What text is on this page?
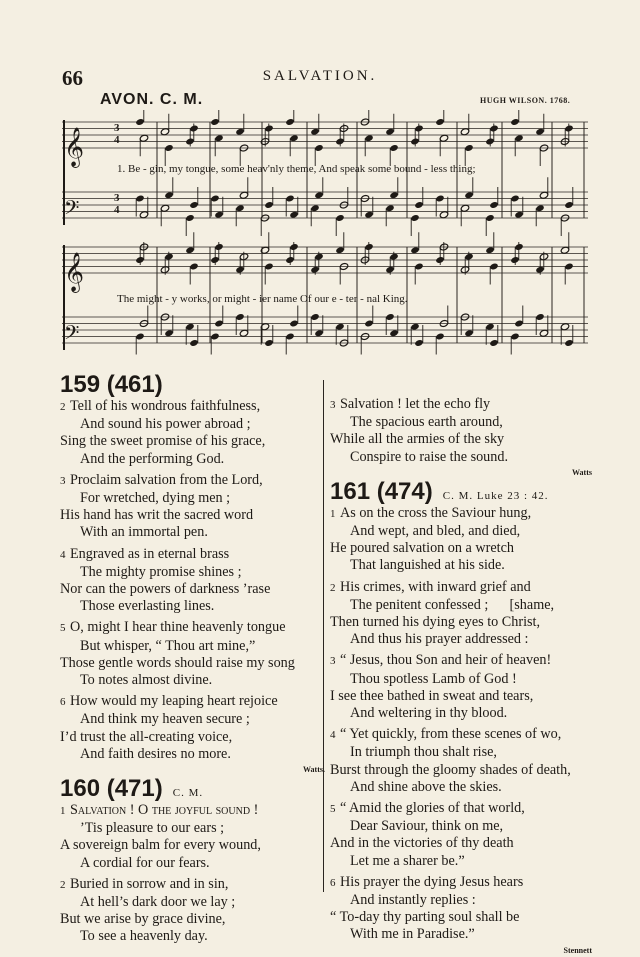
66	SALVATION.
AVON. C. M.	HUGH WILSON. 1768.
𝄞
𝄞
𝄢
𝄢
3
4
3
4
1. Be - gin, my tongue, some heav'nly theme, And speak some bound - less thing;
The might - y works, or might - ier name Of our e - ter - nal King.
159 (461)
2 Tell of his wondrous faithfulness,
And sound his power abroad ;
Sing the sweet promise of his grace,
And the performing God.
3 Proclaim salvation from the Lord,
For wretched, dying men ;
His hand has writ the sacred word
With an immortal pen.
4 Engraved as in eternal brass
The mighty promise shines ;
Nor can the powers of darkness ’rase
Those everlasting lines.
5 O, might I hear thine heavenly tongue
But whisper, “ Thou art mine,”
Those gentle words should raise my song
To notes almost divine.
6 How would my leaping heart rejoice
And think my heaven secure ;
I’d trust the all-creating voice,
And faith desires no more.
Watts.
160 (471) C. M.
1 Salvation ! O the joyful sound !
’Tis pleasure to our ears ;
A sovereign balm for every wound,
A cordial for our fears.
2 Buried in sorrow and in sin,
At hell’s dark door we lay ;
But we arise by grace divine,
To see a heavenly day.
3 Salvation ! let the echo fly
The spacious earth around,
While all the armies of the sky
Conspire to raise the sound.
Watts
161 (474) C. M. Luke 23 : 42.
1 As on the cross the Saviour hung,
And wept, and bled, and died,
He poured salvation on a wretch
That languished at his side.
2 His crimes, with inward grief and
The penitent confessed ;      [shame,
Then turned his dying eyes to Christ,
And thus his prayer addressed :
3 “ Jesus, thou Son and heir of heaven!
Thou spotless Lamb of God !
I see thee bathed in sweat and tears,
And weltering in thy blood.
4 “ Yet quickly, from these scenes of wo,
In triumph thou shalt rise,
Burst through the gloomy shades of death,
And shine above the skies.
5 “ Amid the glories of that world,
Dear Saviour, think on me,
And in the victories of thy death
Let me a sharer be.”
6 His prayer the dying Jesus hears
And instantly replies :
“ To-day thy parting soul shall be
With me in Paradise.”
Stennett
